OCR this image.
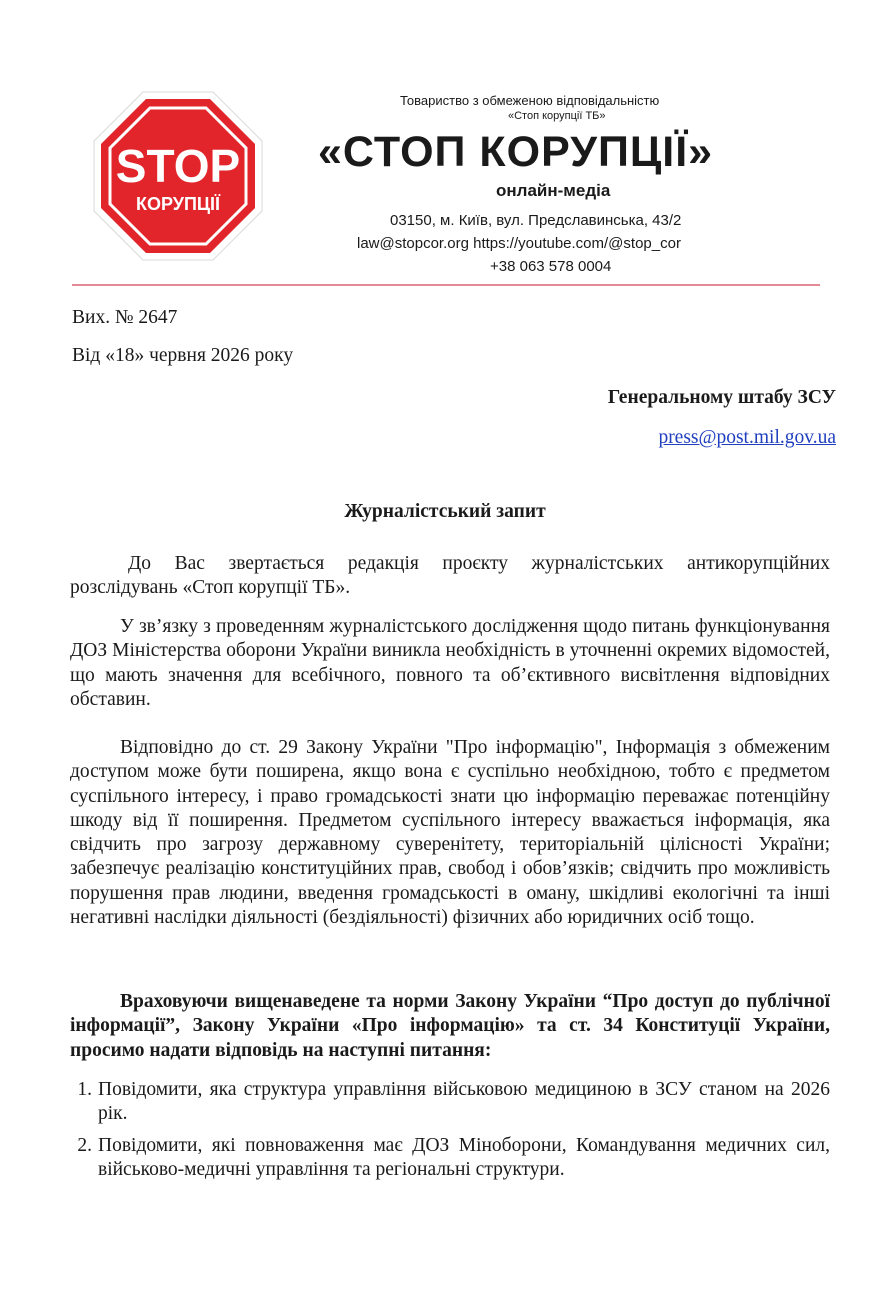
STOP
КОРУПЦІЇ
Товариство з обмеженою відповідальністю
«Стоп корупції ТБ»
«СТОП КОРУПЦІЇ»
онлайн-медіа
03150, м. Київ, вул. Предславинська, 43/2
law@stopcor.org https://youtube.com/@stop_cor
+38 063 578 0004
Вих. № 2647
Від «18» червня 2026 року
Генеральному штабу ЗСУ
press@post.mil.gov.ua
Журналістський запит

До Вас звертається редакція проєкту журналістських антикорупційних розслідувань «Стоп корупції ТБ».

У зв’язку з проведенням журналістського дослідження щодо питань функціонування ДОЗ Міністерства оборони України виникла необхідність в уточненні окремих відомостей, що мають значення для всебічного, повного та об’єктивного висвітлення відповідних обставин.

Відповідно до ст. 29 Закону України "Про інформацію", Інформація з обмеженим доступом може бути поширена, якщо вона є суспільно необхідною, тобто є предметом суспільного інтересу, і право громадськості знати цю інформацію переважає потенційну шкоду від її поширення. Предметом суспільного інтересу вважається інформація, яка свідчить про загрозу державному суверенітету, територіальній цілісності України; забезпечує реалізацію конституційних прав, свобод і обов’язків; свідчить про можливість порушення прав людини, введення громадськості в оману, шкідливі екологічні та інші негативні наслідки діяльності (бездіяльності) фізичних або юридичних осіб тощо.

Враховуючи вищенаведене та норми Закону України “Про доступ до публічної інформації”, Закону України «Про інформацію» та ст. 34 Конституції України, просимо надати відповідь на наступні питання:

1. Повідомити, яка структура управління військовою медициною в ЗСУ станом на 2026 рік.
2. Повідомити, які повноваження має ДОЗ Міноборони, Командування медичних сил, військово-медичні управління та регіональні структури.
